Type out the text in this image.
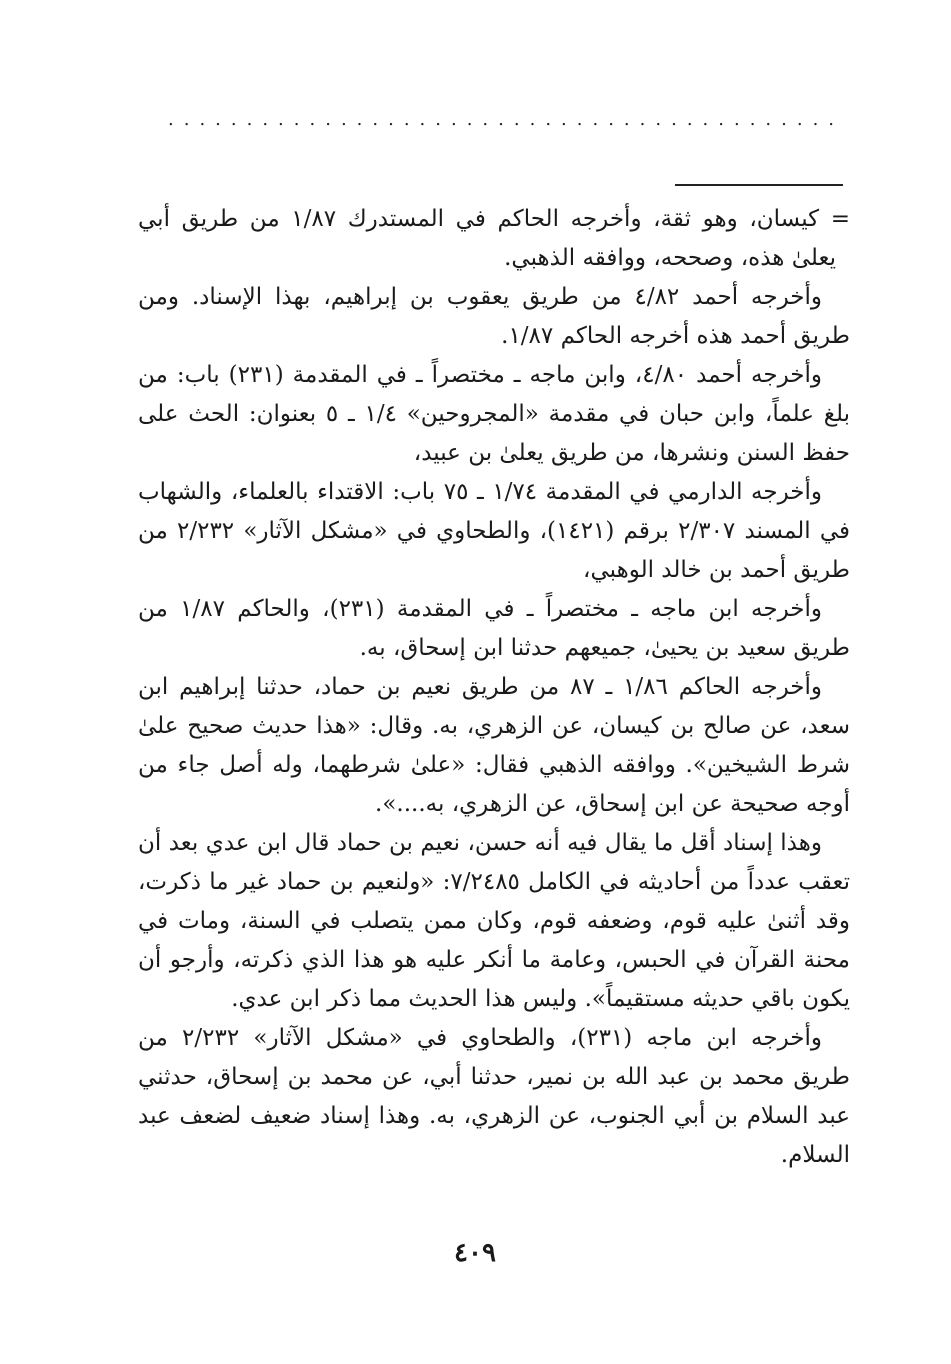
...........................................

= كيسان، وهو ثقة، وأخرجه الحاكم في المستدرك ١/٨٧ من طريق أبي يعلىٰ هذه، وصححه، ووافقه الذهبي.

وأخرجه أحمد ٤/٨٢ من طريق يعقوب بن إبراهيم، بهذا الإسناد. ومن طريق أحمد هذه أخرجه الحاكم ١/٨٧.

وأخرجه أحمد ٤/٨٠، وابن ماجه ـ مختصراً ـ في المقدمة (٢٣١) باب: من بلغ علماً، وابن حبان في مقدمة «المجروحين» ١/٤ ـ ٥ بعنوان: الحث على حفظ السنن ونشرها، من طريق يعلىٰ بن عبيد،

وأخرجه الدارمي في المقدمة ١/٧٤ ـ ٧٥ باب: الاقتداء بالعلماء، والشهاب في المسند ٢/٣٠٧ برقم (١٤٢١)، والطحاوي في «مشكل الآثار» ٢/٢٣٢ من طريق أحمد بن خالد الوهبي،

وأخرجه ابن ماجه ـ مختصراً ـ في المقدمة (٢٣١)، والحاكم ١/٨٧ من طريق سعيد بن يحيىٰ، جميعهم حدثنا ابن إسحاق، به.

وأخرجه الحاكم ١/٨٦ ـ ٨٧ من طريق نعيم بن حماد، حدثنا إبراهيم ابن سعد، عن صالح بن كيسان، عن الزهري، به. وقال: «هذا حديث صحيح علىٰ شرط الشيخين». ووافقه الذهبي فقال: «علىٰ شرطهما، وله أصل جاء من أوجه صحيحة عن ابن إسحاق، عن الزهري، به....».

وهذا إسناد أقل ما يقال فيه أنه حسن، نعيم بن حماد قال ابن عدي بعد أن تعقب عدداً من أحاديثه في الكامل ٧/٢٤٨٥: «ولنعيم بن حماد غير ما ذكرت، وقد أثنىٰ عليه قوم، وضعفه قوم، وكان ممن يتصلب في السنة، ومات في محنة القرآن في الحبس، وعامة ما أنكر عليه هو هذا الذي ذكرته، وأرجو أن يكون باقي حديثه مستقيماً». وليس هذا الحديث مما ذكر ابن عدي.

وأخرجه ابن ماجه (٢٣١)، والطحاوي في «مشكل الآثار» ٢/٢٣٢ من طريق محمد بن عبد الله بن نمير، حدثنا أبي، عن محمد بن إسحاق، حدثني عبد السلام بن أبي الجنوب، عن الزهري، به. وهذا إسناد ضعيف لضعف عبد السلام.

٤٠٩
